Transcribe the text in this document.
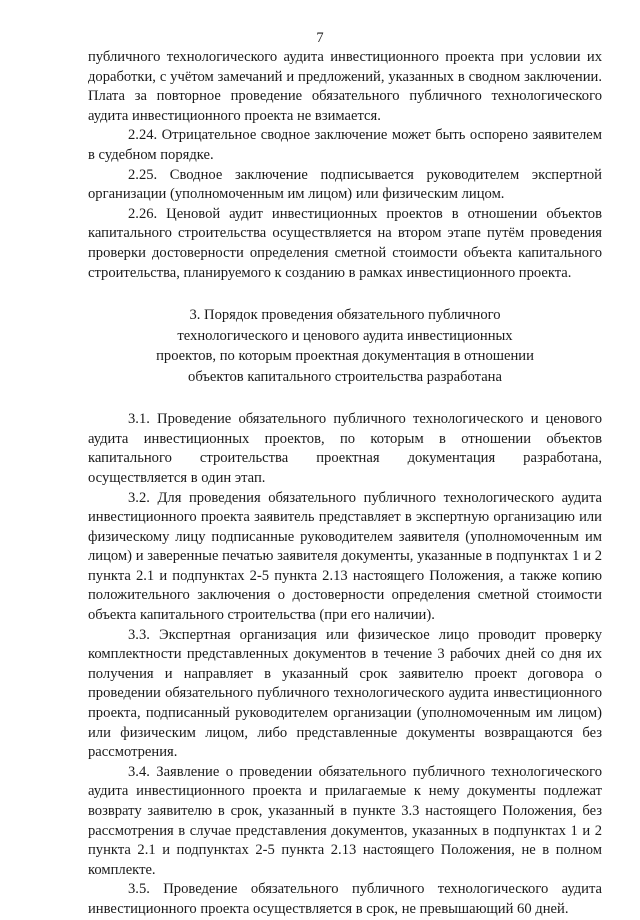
7

публичного технологического аудита инвестиционного проекта при условии их доработки, с учётом замечаний и предложений, указанных в сводном заключении. Плата за повторное проведение обязательного публичного технологического аудита инвестиционного проекта не взимается.

2.24. Отрицательное сводное заключение может быть оспорено заявителем в судебном порядке.

2.25. Сводное заключение подписывается руководителем экспертной организации (уполномоченным им лицом) или физическим лицом.

2.26. Ценовой аудит инвестиционных проектов в отношении объектов капитального строительства осуществляется на втором этапе путём проведения проверки достоверности определения сметной стоимости объекта капитального строительства, планируемого к созданию в рамках инвестиционного проекта.

3. Порядок проведения обязательного публичного
технологического и ценового аудита инвестиционных
проектов, по которым проектная документация в отношении
объектов капитального строительства разработана

3.1. Проведение обязательного публичного технологического и ценового аудита инвестиционных проектов, по которым в отношении объектов капитального строительства проектная документация разработана, осуществляется в один этап.

3.2. Для проведения обязательного публичного технологического аудита инвестиционного проекта заявитель представляет в экспертную организацию или физическому лицу подписанные руководителем заявителя (уполномоченным им лицом) и заверенные печатью заявителя документы, указанные в подпунктах 1 и 2 пункта 2.1 и подпунктах 2-5 пункта 2.13 настоящего Положения, а также копию положительного заключения о достоверности определения сметной стоимости объекта капитального строительства (при его наличии).

3.3. Экспертная организация или физическое лицо проводит проверку комплектности представленных документов в течение 3 рабочих дней со дня их получения и направляет в указанный срок заявителю проект договора о проведении обязательного публичного технологического аудита инвестиционного проекта, подписанный руководителем организации (уполномоченным им лицом) или физическим лицом, либо представленные документы возвращаются без рассмотрения.

3.4. Заявление о проведении обязательного публичного технологического аудита инвестиционного проекта и прилагаемые к нему документы подлежат возврату заявителю в срок, указанный в пункте 3.3 настоящего Положения, без рассмотрения в случае представления документов, указанных в подпунктах 1 и 2 пункта 2.1 и подпунктах 2-5 пункта 2.13 настоящего Положения, не в полном комплекте.

3.5. Проведение обязательного публичного технологического аудита инвестиционного проекта осуществляется в срок, не превышающий 60 дней.
